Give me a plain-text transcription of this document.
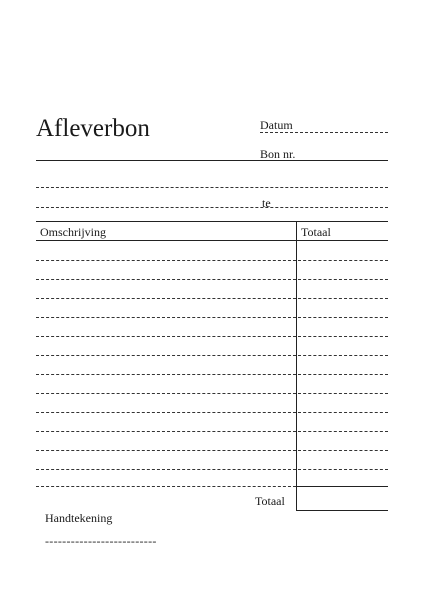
Afleverbon	Datum
Bon nr.
te
Omschrijving	Totaal
Totaal
Handtekening
--------------------------
